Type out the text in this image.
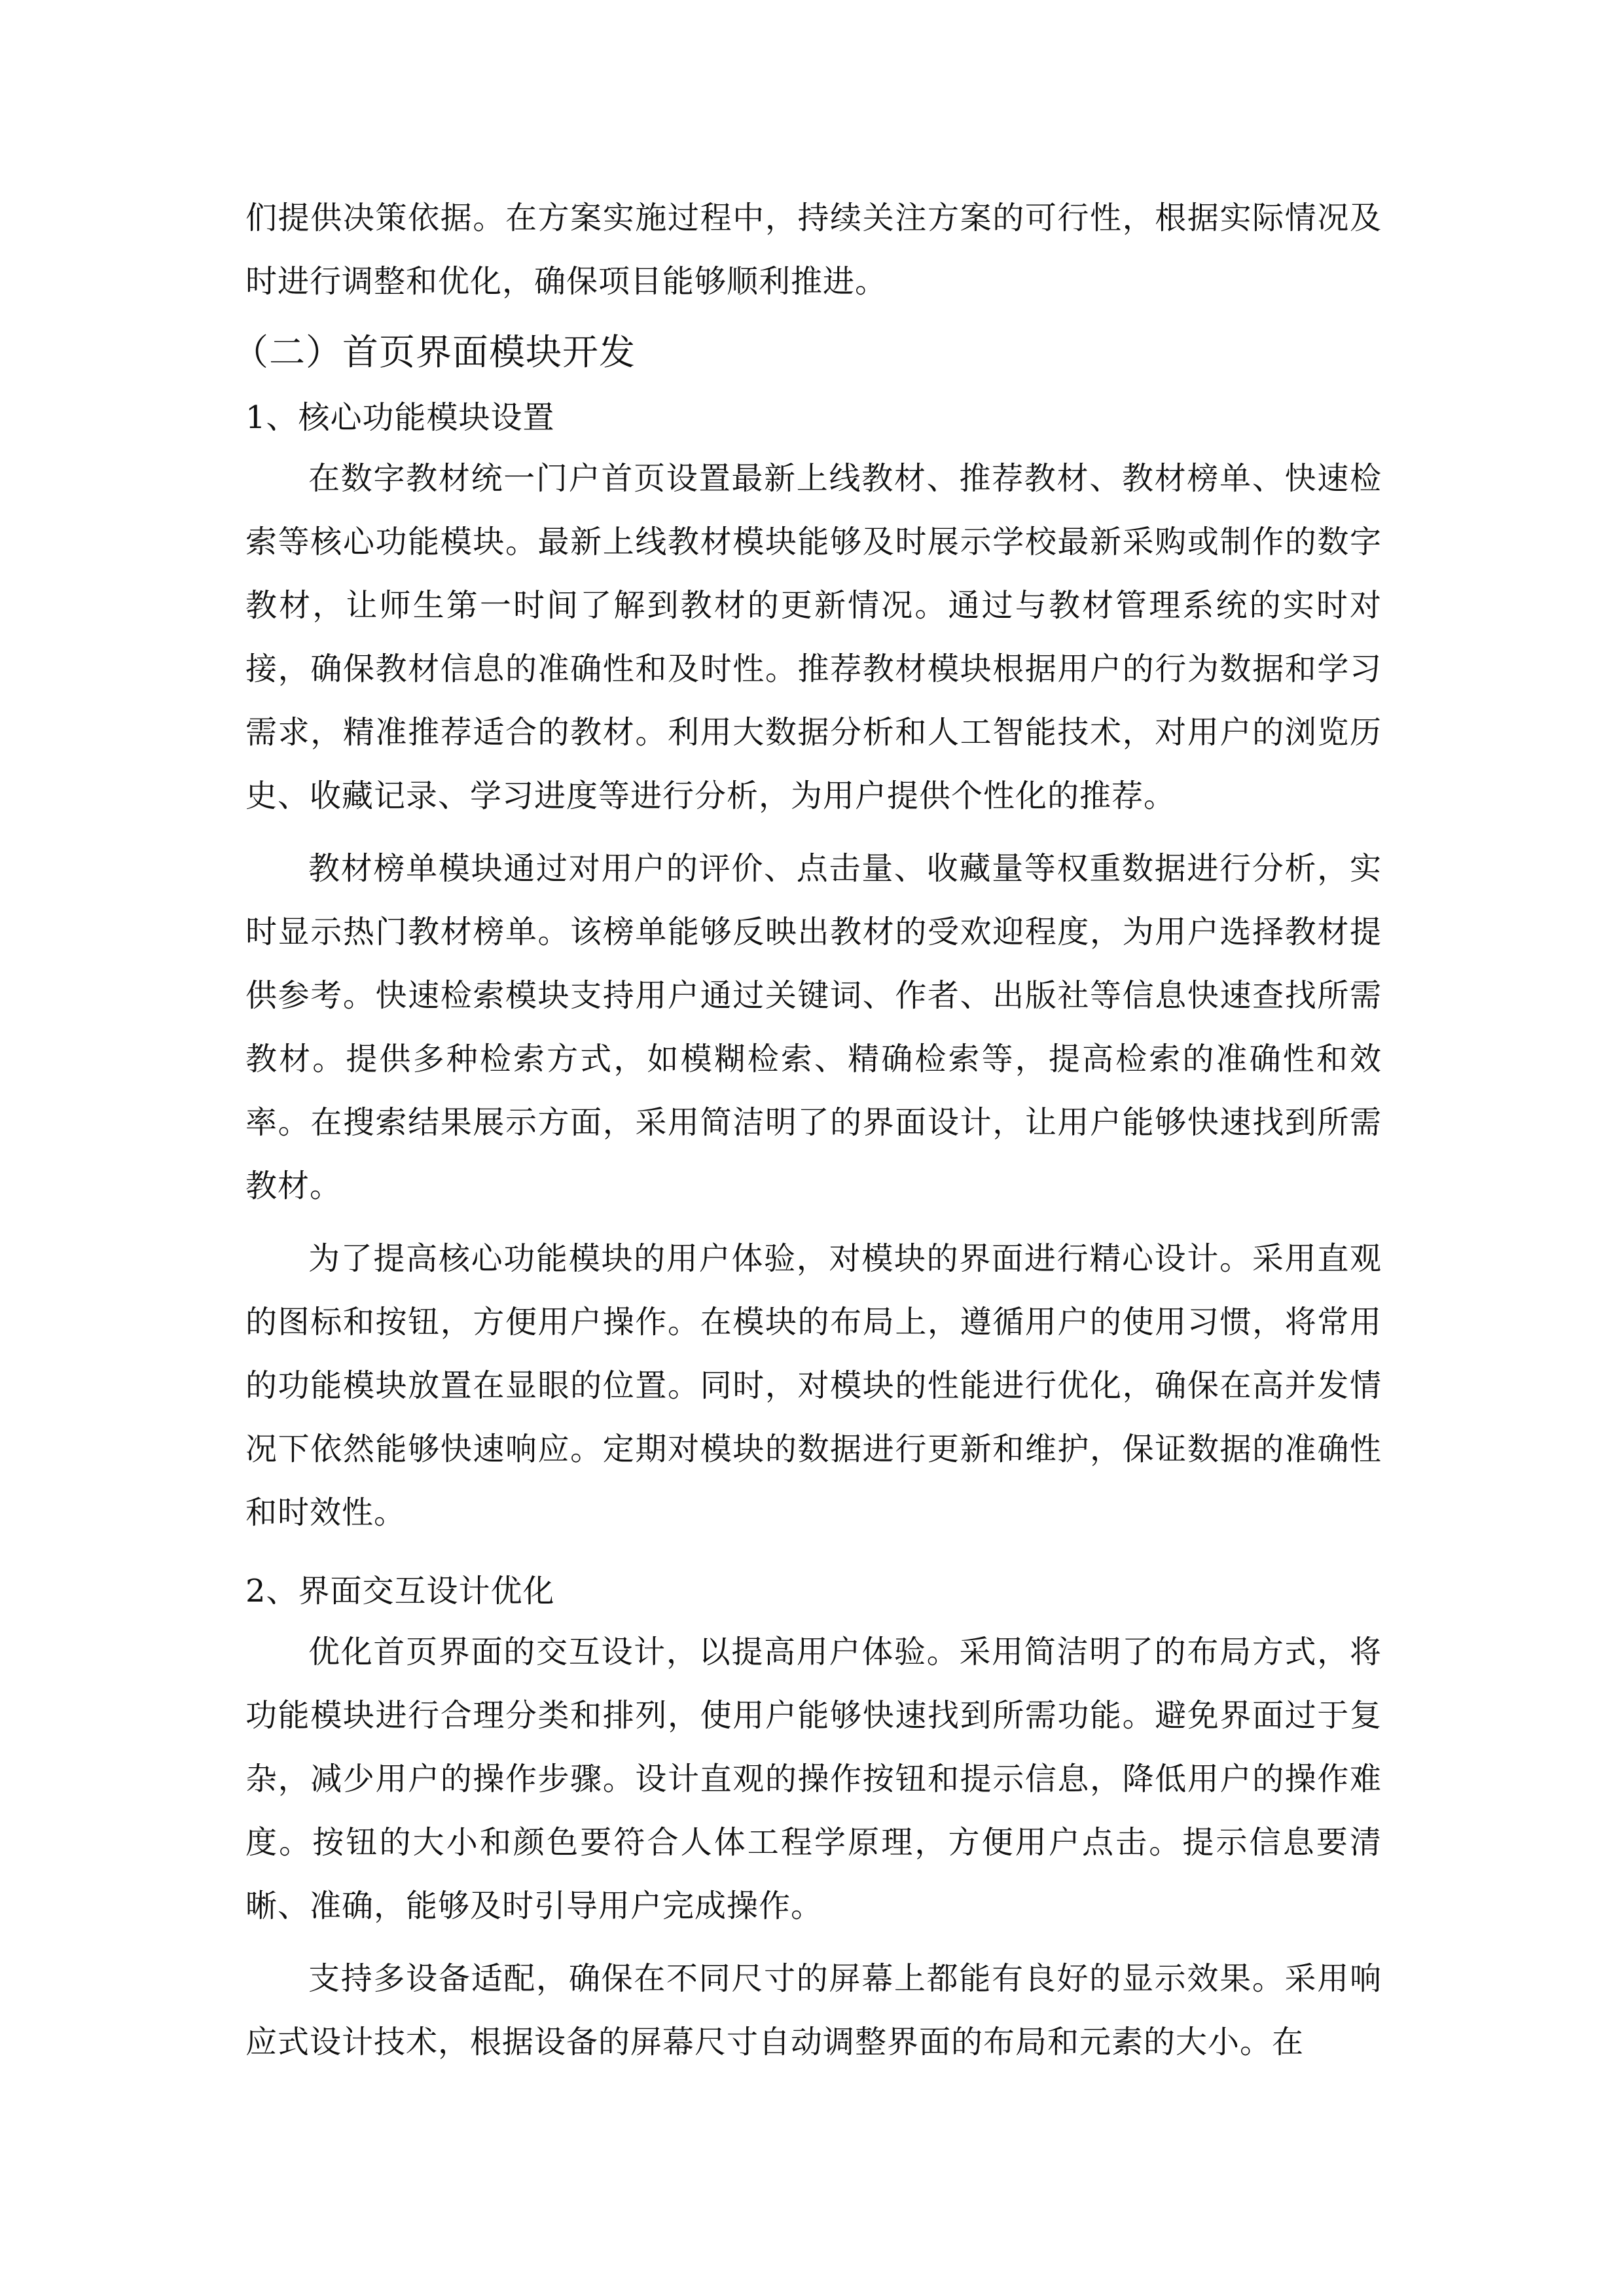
们提供决策依据。在方案实施过程中，持续关注方案的可行性，根据实际情况及时进行调整和优化，确保项目能够顺利推进。

（二）首页界面模块开发
1、核心功能模块设置

在数字教材统一门户首页设置最新上线教材、推荐教材、教材榜单、快速检索等核心功能模块。最新上线教材模块能够及时展示学校最新采购或制作的数字教材，让师生第一时间了解到教材的更新情况。通过与教材管理系统的实时对接，确保教材信息的准确性和及时性。推荐教材模块根据用户的行为数据和学习需求，精准推荐适合的教材。利用大数据分析和人工智能技术，对用户的浏览历史、收藏记录、学习进度等进行分析，为用户提供个性化的推荐。

教材榜单模块通过对用户的评价、点击量、收藏量等权重数据进行分析，实时显示热门教材榜单。该榜单能够反映出教材的受欢迎程度，为用户选择教材提供参考。快速检索模块支持用户通过关键词、作者、出版社等信息快速查找所需教材。提供多种检索方式，如模糊检索、精确检索等，提高检索的准确性和效率。在搜索结果展示方面，采用简洁明了的界面设计，让用户能够快速找到所需教材。

为了提高核心功能模块的用户体验，对模块的界面进行精心设计。采用直观的图标和按钮，方便用户操作。在模块的布局上，遵循用户的使用习惯，将常用的功能模块放置在显眼的位置。同时，对模块的性能进行优化，确保在高并发情况下依然能够快速响应。定期对模块的数据进行更新和维护，保证数据的准确性和时效性。

2、界面交互设计优化

优化首页界面的交互设计，以提高用户体验。采用简洁明了的布局方式，将功能模块进行合理分类和排列，使用户能够快速找到所需功能。避免界面过于复杂，减少用户的操作步骤。设计直观的操作按钮和提示信息，降低用户的操作难度。按钮的大小和颜色要符合人体工程学原理，方便用户点击。提示信息要清晰、准确，能够及时引导用户完成操作。

支持多设备适配，确保在不同尺寸的屏幕上都能有良好的显示效果。采用响应式设计技术，根据设备的屏幕尺寸自动调整界面的布局和元素的大小。在
